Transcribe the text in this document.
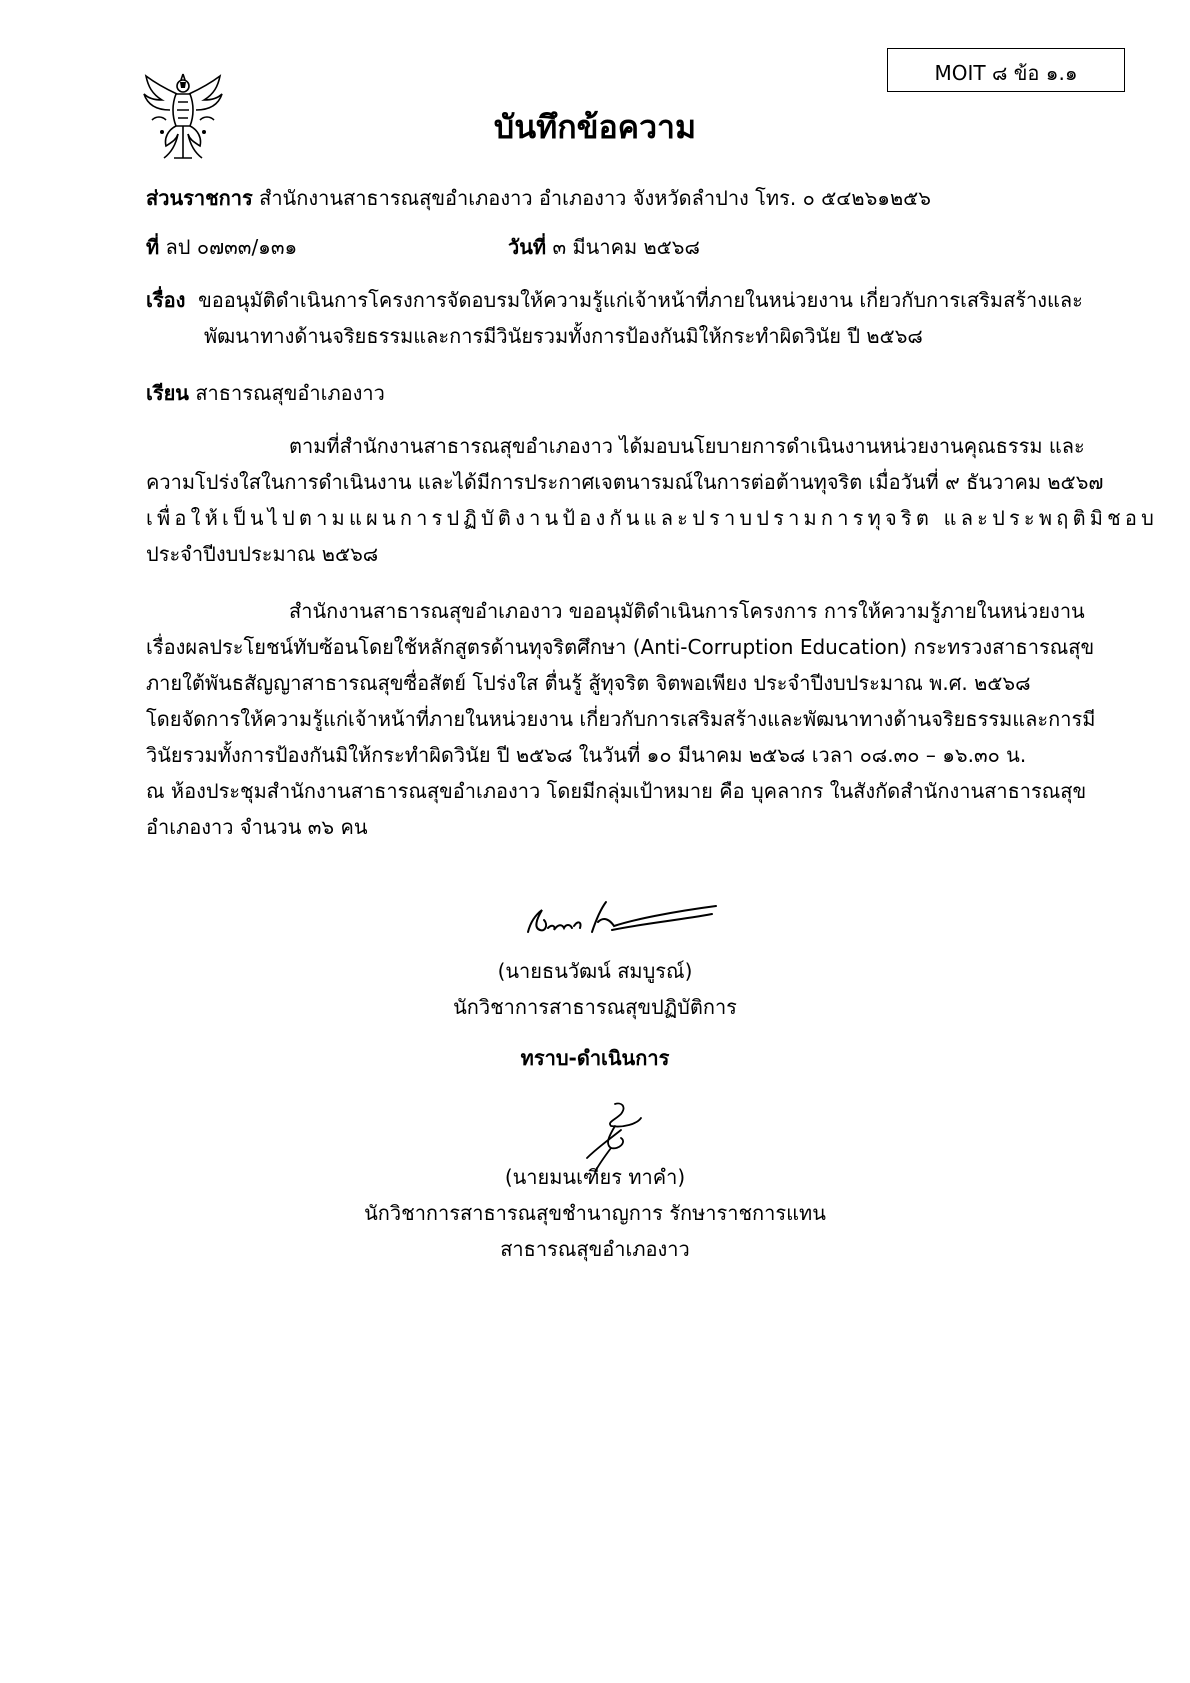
MOIT ๘ ข้อ ๑.๑
บันทึกข้อความ
ส่วนราชการ สำนักงานสาธารณสุขอำเภองาว อำเภองาว จังหวัดลำปาง โทร. ๐ ๕๔๒๖๑๒๕๖
ที่ ลป ๐๗๓๓/๑๓๑	วันที่ ๓ มีนาคม ๒๕๖๘
เรื่อง ขออนุมัติดำเนินการโครงการจัดอบรมให้ความรู้แก่เจ้าหน้าที่ภายในหน่วยงาน เกี่ยวกับการเสริมสร้างและ
พัฒนาทางด้านจริยธรรมและการมีวินัยรวมทั้งการป้องกันมิให้กระทำผิดวินัย ปี ๒๕๖๘
เรียน สาธารณสุขอำเภองาว
ตามที่สำนักงานสาธารณสุขอำเภองาว ได้มอบนโยบายการดำเนินงานหน่วยงานคุณธรรม และ
ความโปร่งใสในการดำเนินงาน และได้มีการประกาศเจตนารมณ์ในการต่อต้านทุจริต เมื่อวันที่ ๙ ธันวาคม ๒๕๖๗
เพื่อให้เป็นไปตามแผนการปฏิบัติงานป้องกันและปราบปรามการทุจริต และประพฤติมิชอบ
ประจำปีงบประมาณ ๒๕๖๘
สำนักงานสาธารณสุขอำเภองาว ขออนุมัติดำเนินการโครงการ การให้ความรู้ภายในหน่วยงาน
เรื่องผลประโยชน์ทับซ้อนโดยใช้หลักสูตรด้านทุจริตศึกษา (Anti-Corruption Education) กระทรวงสาธารณสุข
ภายใต้พันธสัญญาสาธารณสุขซื่อสัตย์ โปร่งใส ตื่นรู้ สู้ทุจริต จิตพอเพียง ประจำปีงบประมาณ พ.ศ. ๒๕๖๘
โดยจัดการให้ความรู้แก่เจ้าหน้าที่ภายในหน่วยงาน เกี่ยวกับการเสริมสร้างและพัฒนาทางด้านจริยธรรมและการมี
วินัยรวมทั้งการป้องกันมิให้กระทำผิดวินัย ปี ๒๕๖๘ ในวันที่ ๑๐ มีนาคม ๒๕๖๘ เวลา ๐๘.๓๐ – ๑๖.๓๐ น.
ณ ห้องประชุมสำนักงานสาธารณสุขอำเภองาว โดยมีกลุ่มเป้าหมาย คือ บุคลากร ในสังกัดสำนักงานสาธารณสุข
อำเภองาว จำนวน ๓๖ คน
(นายธนวัฒน์ สมบูรณ์)
นักวิชาการสาธารณสุขปฏิบัติการ
ทราบ-ดำเนินการ
(นายมนเฑียร ทาคำ)
นักวิชาการสาธารณสุขชำนาญการ รักษาราชการแทน
สาธารณสุขอำเภองาว
